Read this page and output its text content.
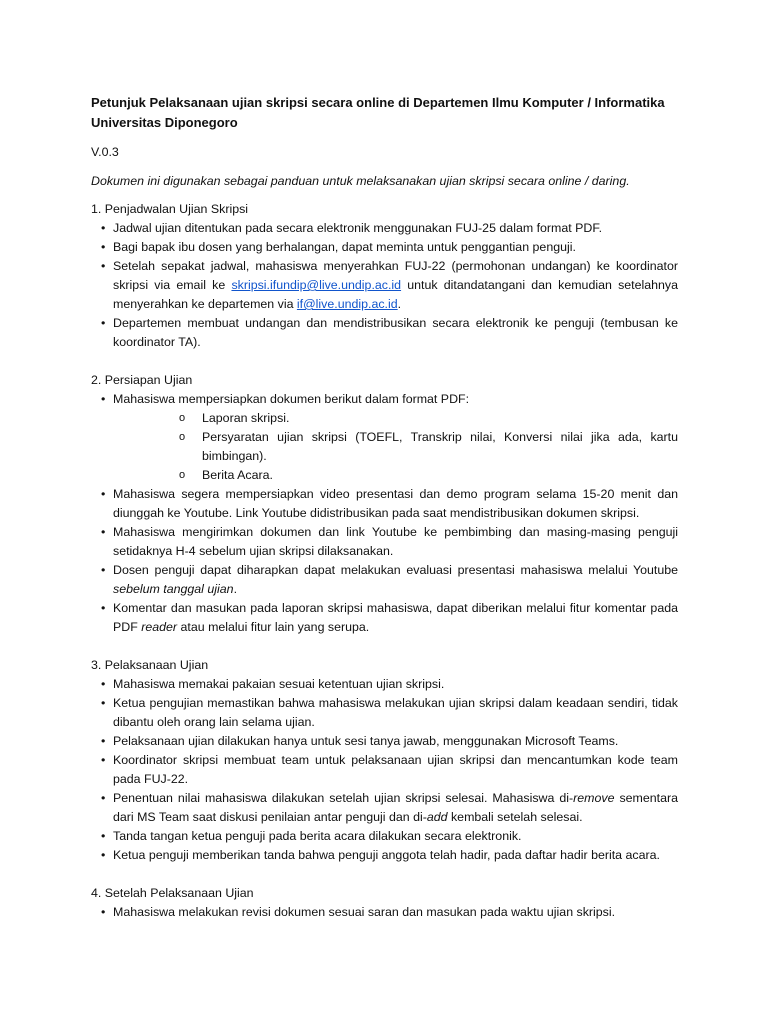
Petunjuk Pelaksanaan ujian skripsi secara online di Departemen Ilmu Komputer / Informatika Universitas Diponegoro

V.0.3

Dokumen ini digunakan sebagai panduan untuk melaksanakan ujian skripsi secara online / daring.

1. Penjadwalan Ujian Skripsi

• Jadwal ujian ditentukan pada secara elektronik menggunakan FUJ-25 dalam format PDF.
• Bagi bapak ibu dosen yang berhalangan, dapat meminta untuk penggantian penguji.
• Setelah sepakat jadwal, mahasiswa menyerahkan FUJ-22 (permohonan undangan) ke koordinator skripsi via email ke skripsi.ifundip@live.undip.ac.id untuk ditandatangani dan kemudian setelahnya menyerahkan ke departemen via if@live.undip.ac.id.
• Departemen membuat undangan dan mendistribusikan secara elektronik ke penguji (tembusan ke koordinator TA).

2. Persiapan Ujian

• Mahasiswa mempersiapkan dokumen berikut dalam format PDF:
o Laporan skripsi.
o Persyaratan ujian skripsi (TOEFL, Transkrip nilai, Konversi nilai jika ada, kartu bimbingan).
o Berita Acara.
• Mahasiswa segera mempersiapkan video presentasi dan demo program selama 15-20 menit dan diunggah ke Youtube. Link Youtube didistribusikan pada saat mendistribusikan dokumen skripsi.
• Mahasiswa mengirimkan dokumen dan link Youtube ke pembimbing dan masing-masing penguji setidaknya H-4 sebelum ujian skripsi dilaksanakan.
• Dosen penguji dapat diharapkan dapat melakukan evaluasi presentasi mahasiswa melalui Youtube sebelum tanggal ujian.
• Komentar dan masukan pada laporan skripsi mahasiswa, dapat diberikan melalui fitur komentar pada PDF reader atau melalui fitur lain yang serupa.

3. Pelaksanaan Ujian

• Mahasiswa memakai pakaian sesuai ketentuan ujian skripsi.
• Ketua pengujian memastikan bahwa mahasiswa melakukan ujian skripsi dalam keadaan sendiri, tidak dibantu oleh orang lain selama ujian.
• Pelaksanaan ujian dilakukan hanya untuk sesi tanya jawab, menggunakan Microsoft Teams.
• Koordinator skripsi membuat team untuk pelaksanaan ujian skripsi dan mencantumkan kode team pada FUJ-22.
• Penentuan nilai mahasiswa dilakukan setelah ujian skripsi selesai. Mahasiswa di-remove sementara dari MS Team saat diskusi penilaian antar penguji dan di-add kembali setelah selesai.
• Tanda tangan ketua penguji pada berita acara dilakukan secara elektronik.
• Ketua penguji memberikan tanda bahwa penguji anggota telah hadir, pada daftar hadir berita acara.

4. Setelah Pelaksanaan Ujian

• Mahasiswa melakukan revisi dokumen sesuai saran dan masukan pada waktu ujian skripsi.
